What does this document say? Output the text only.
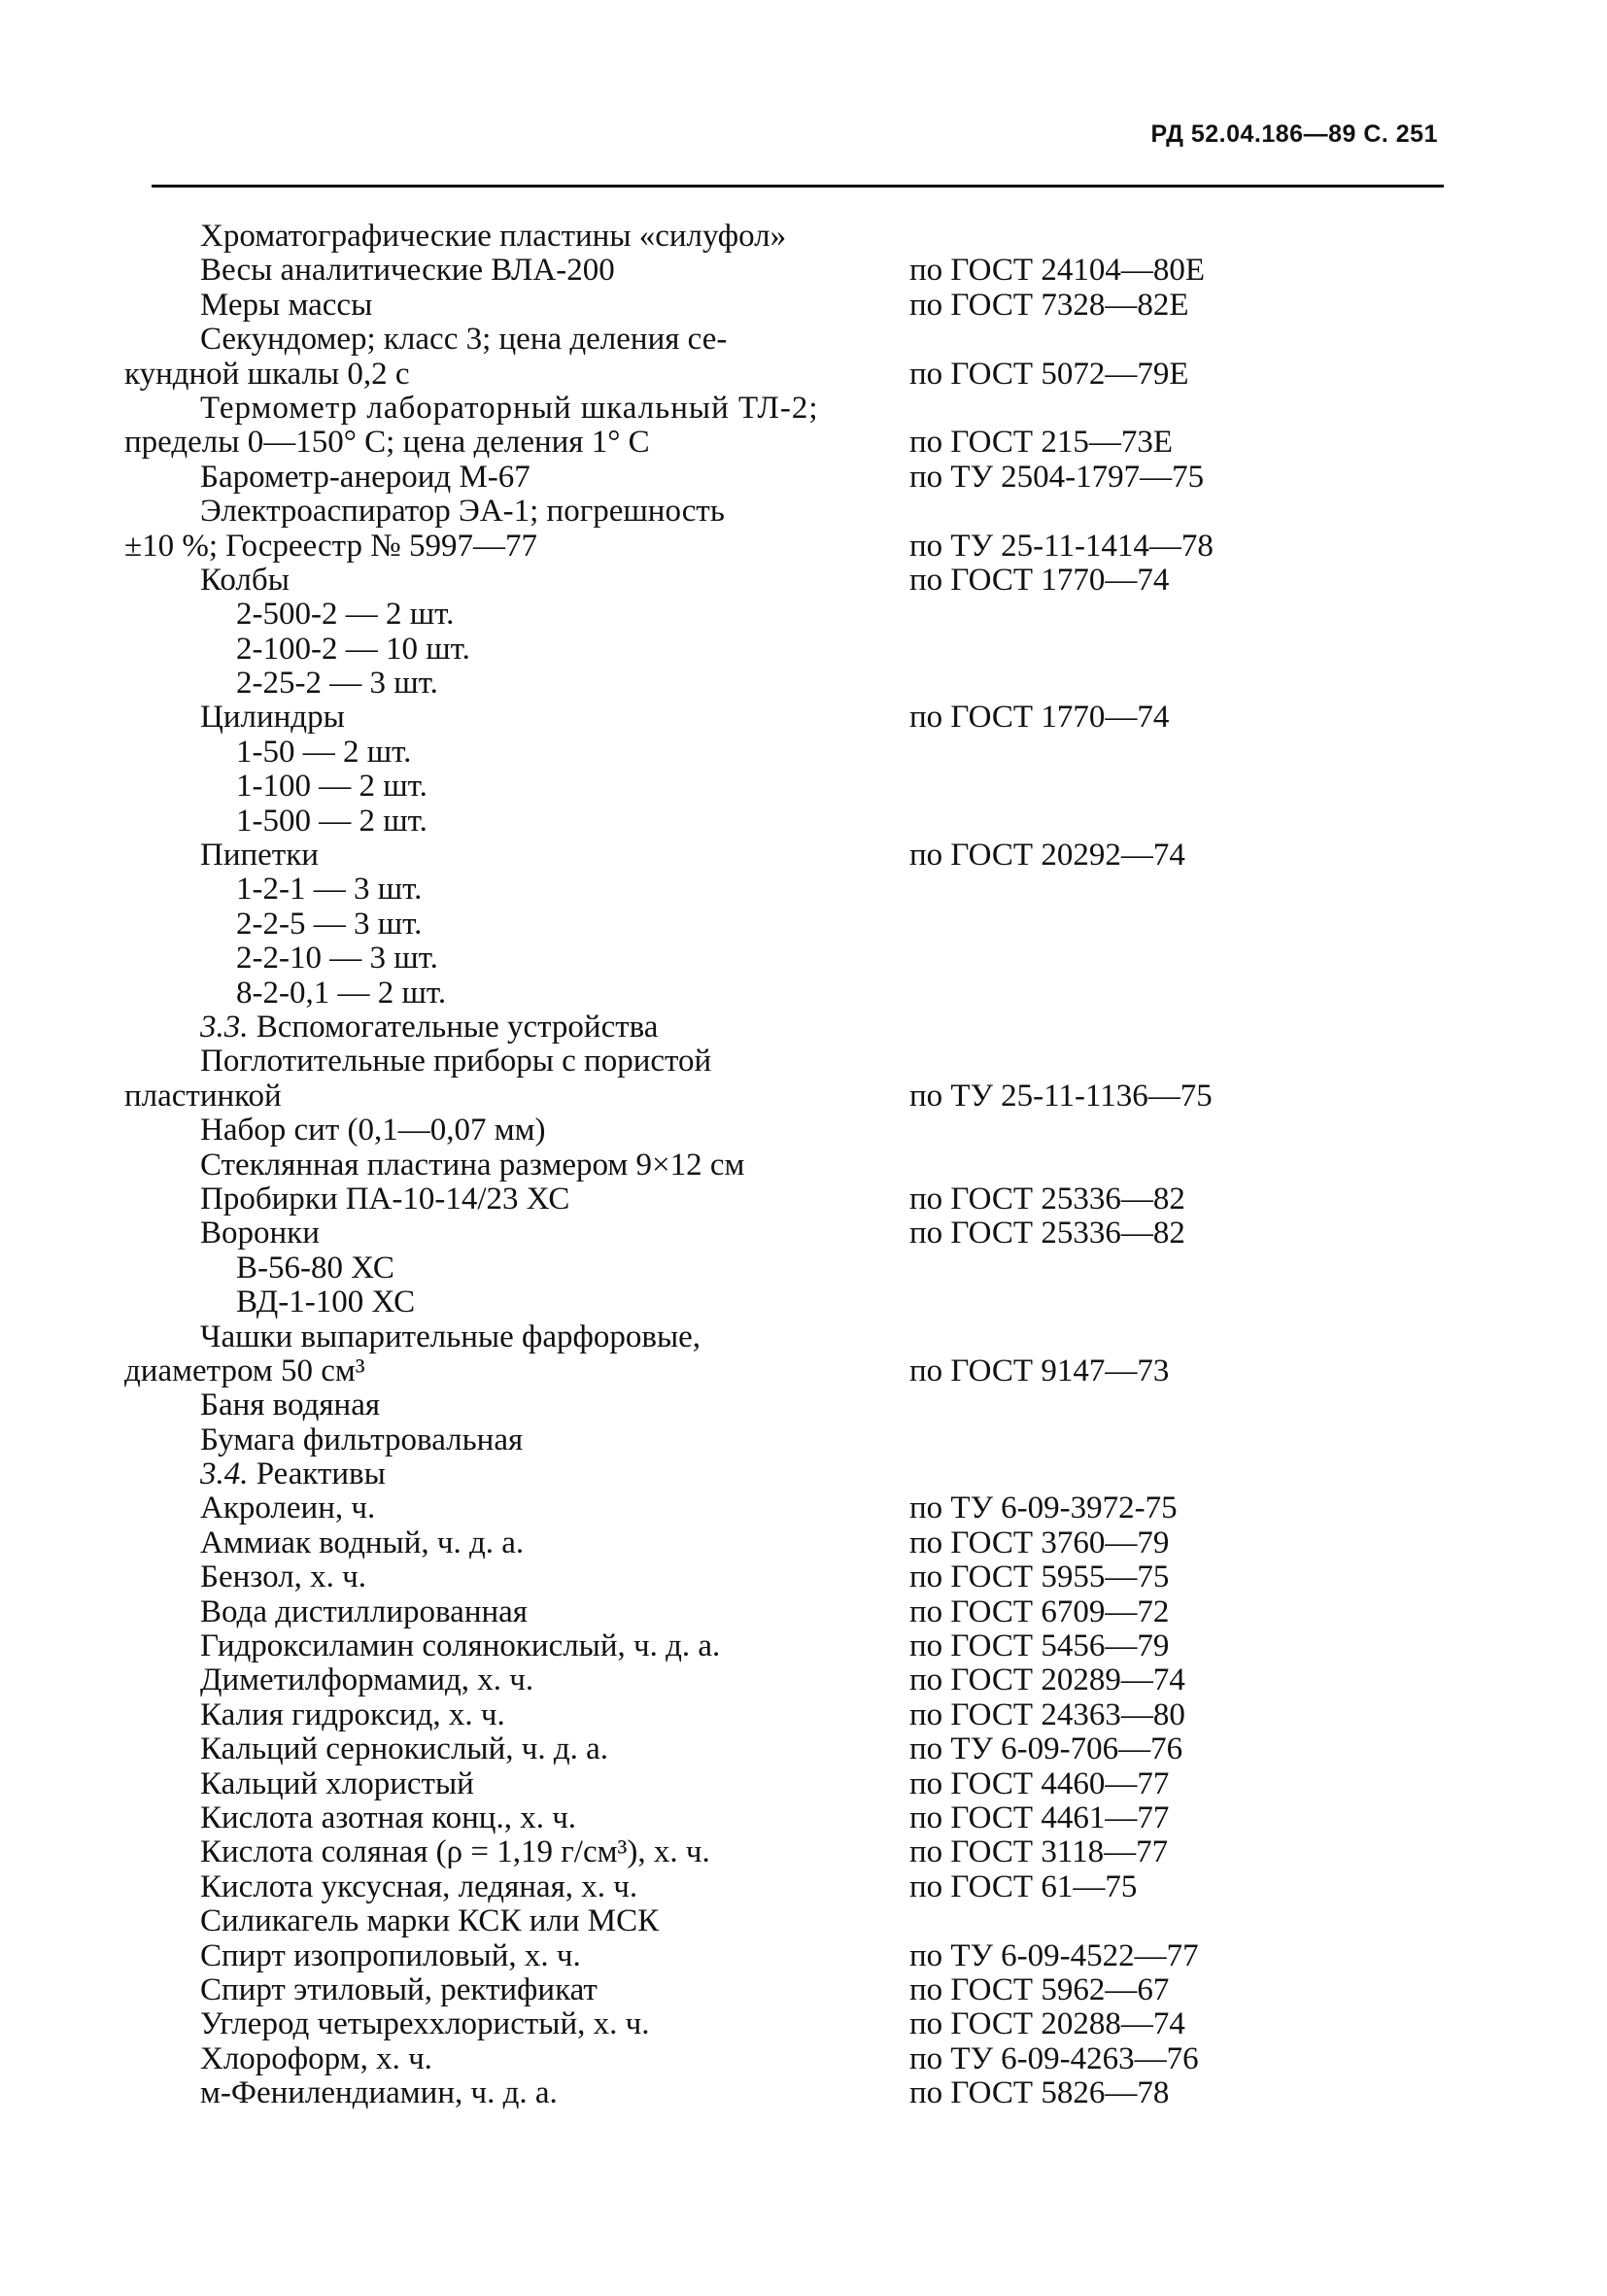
РД 52.04.186—89 С. 251
Хроматографические пластины «силуфол»
Весы аналитические ВЛА-200	по ГОСТ 24104—80Е
Меры массы	по ГОСТ 7328—82Е
Секундомер; класс 3; цена деления се-
кундной шкалы 0,2 с	по ГОСТ 5072—79Е
Термометр лабораторный шкальный ТЛ-2;
пределы 0—150° С; цена деления 1° С	по ГОСТ 215—73Е
Барометр-анероид М-67	по ТУ 2504-1797—75
Электроаспиратор ЭА-1; погрешность
±10 %; Госреестр № 5997—77	по ТУ 25-11-1414—78
Колбы	по ГОСТ 1770—74
2-500-2 — 2 шт.
2-100-2 — 10 шт.
2-25-2 — 3 шт.
Цилиндры	по ГОСТ 1770—74
1-50 — 2 шт.
1-100 — 2 шт.
1-500 — 2 шт.
Пипетки	по ГОСТ 20292—74
1-2-1 — 3 шт.
2-2-5 — 3 шт.
2-2-10 — 3 шт.
8-2-0,1 — 2 шт.
3.3. Вспомогательные устройства
Поглотительные приборы с пористой
пластинкой	по ТУ 25-11-1136—75
Набор сит (0,1—0,07 мм)
Стеклянная пластина размером 9×12 см
Пробирки ПА-10-14/23 ХС	по ГОСТ 25336—82
Воронки	по ГОСТ 25336—82
В-56-80 ХС
ВД-1-100 ХС
Чашки выпарительные фарфоровые,
диаметром 50 см³	по ГОСТ 9147—73
Баня водяная
Бумага фильтровальная
3.4. Реактивы
Акролеин, ч.	по ТУ 6-09-3972-75
Аммиак водный, ч. д. а.	по ГОСТ 3760—79
Бензол, х. ч.	по ГОСТ 5955—75
Вода дистиллированная	по ГОСТ 6709—72
Гидроксиламин солянокислый, ч. д. а.	по ГОСТ 5456—79
Диметилформамид, х. ч.	по ГОСТ 20289—74
Калия гидроксид, х. ч.	по ГОСТ 24363—80
Кальций сернокислый, ч. д. а.	по ТУ 6-09-706—76
Кальций хлористый	по ГОСТ 4460—77
Кислота азотная конц., х. ч.	по ГОСТ 4461—77
Кислота соляная (ρ = 1,19 г/см³), х. ч.	по ГОСТ 3118—77
Кислота уксусная, ледяная, х. ч.	по ГОСТ 61—75
Силикагель марки КСК или МСК
Спирт изопропиловый, х. ч.	по ТУ 6-09-4522—77
Спирт этиловый, ректификат	по ГОСТ 5962—67
Углерод четыреххлористый, х. ч.	по ГОСТ 20288—74
Хлороформ, х. ч.	по ТУ 6-09-4263—76
м-Фенилендиамин, ч. д. а.	по ГОСТ 5826—78
